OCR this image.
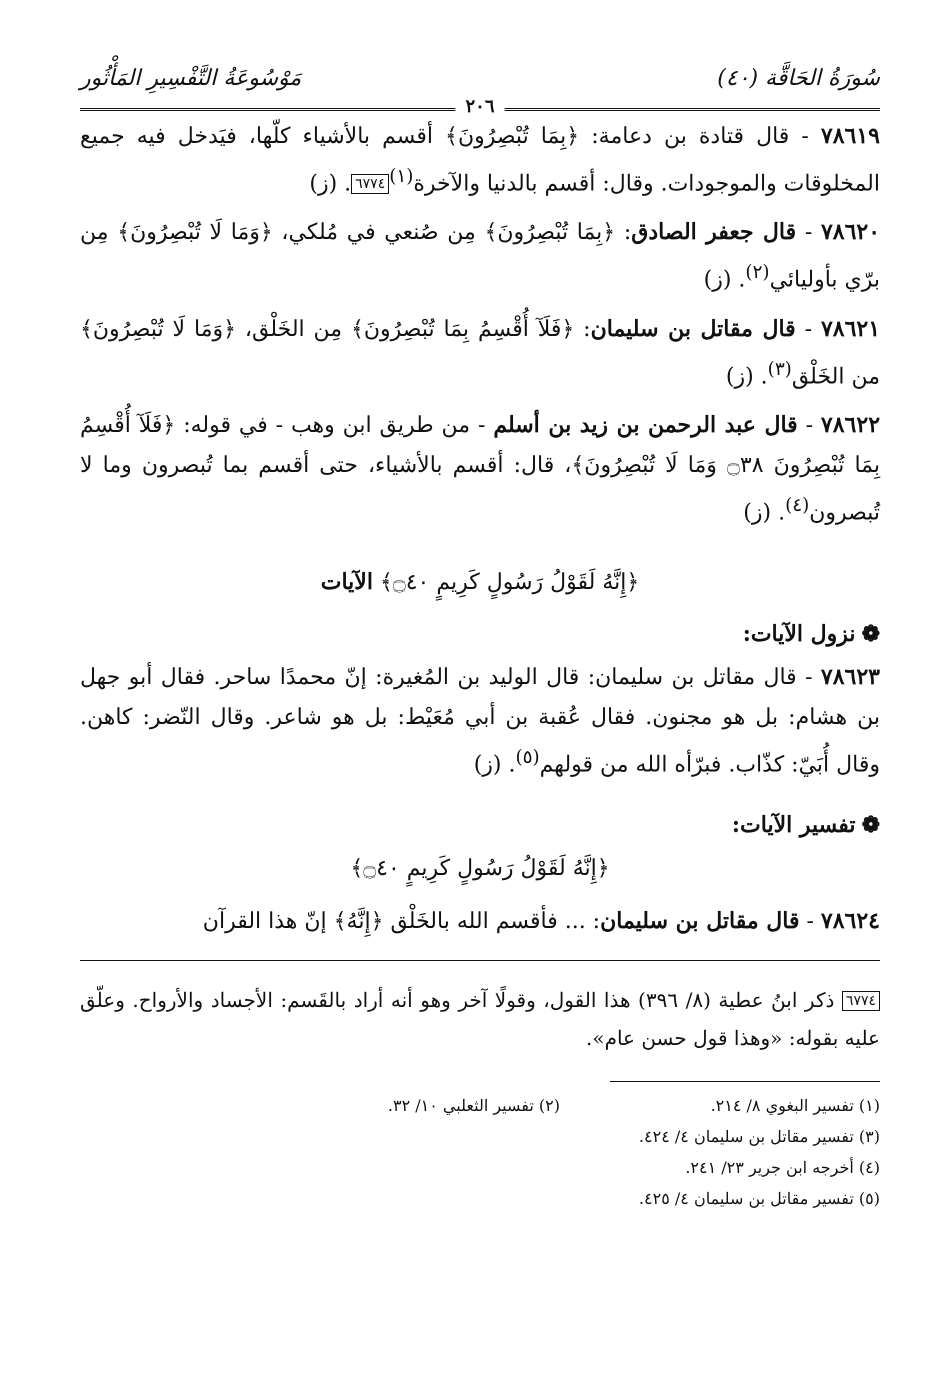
سُورَةُ الحَاقَّة (٤٠)
مَوْسُوعَةُ التَّفْسِيرِ المَأْثُور
٢٠٦

٧٨٦١٩ - قال قتادة بن دعامة: ﴿بِمَا تُبْصِرُونَ﴾ أقسم بالأشياء كلّها، فيَدخل فيه جميع المخلوقات والموجودات. وقال: أقسم بالدنيا والآخرة$^{(١)}$٦٧٧٤. (ز)

٧٨٦٢٠ - قال جعفر الصادق: ﴿بِمَا تُبْصِرُونَ﴾ مِن صُنعي في مُلكي، ﴿وَمَا لَا تُبْصِرُونَ﴾ مِن برّي بأوليائي$^{(٢)}$. (ز)

٧٨٦٢١ - قال مقاتل بن سليمان: ﴿فَلَآ أُقْسِمُ بِمَا تُبْصِرُونَ﴾ مِن الخَلْق، ﴿وَمَا لَا تُبْصِرُونَ﴾ من الخَلْق$^{(٣)}$. (ز)

٧٨٦٢٢ - قال عبد الرحمن بن زيد بن أسلم - من طريق ابن وهب - في قوله: ﴿فَلَآ أُقْسِمُ بِمَا تُبْصِرُونَ ۝٣٨ وَمَا لَا تُبْصِرُونَ﴾، قال: أقسم بالأشياء، حتى أقسم بما تُبصرون وما لا تُبصرون$^{(٤)}$. (ز)

﴿إِنَّهُ لَقَوْلُ رَسُولٍ كَرِيمٍ ۝٤٠﴾ الآيات
❁نزول الآيات:

٧٨٦٢٣ - قال مقاتل بن سليمان: قال الوليد بن المُغيرة: إنّ محمدًا ساحر. فقال أبو جهل بن هشام: بل هو مجنون. فقال عُقبة بن أبي مُعَيْط: بل هو شاعر. وقال النّضر: كاهن. وقال أُبَيّ: كذّاب. فبرّأه الله من قولهم$^{(٥)}$. (ز)

❁تفسير الآيات:
﴿إِنَّهُ لَقَوْلُ رَسُولٍ كَرِيمٍ ۝٤٠﴾

٧٨٦٢٤ - قال مقاتل بن سليمان: ... فأقسم الله بالخَلْق ﴿إِنَّهُ﴾ إنّ هذا القرآن

٦٧٧٤ ذكر ابنُ عطية (٨/ ٣٩٦) هذا القول، وقولًا آخر وهو أنه أراد بالقَسم: الأجساد والأرواح. وعلّق عليه بقوله: «وهذا قول حسن عام».

(١) تفسير البغوي ٨/ ٢١٤.
(٢) تفسير الثعلبي ١٠/ ٣٢.
(٣) تفسير مقاتل بن سليمان ٤/ ٤٢٤.
(٤) أخرجه ابن جرير ٢٣/ ٢٤١.
(٥) تفسير مقاتل بن سليمان ٤/ ٤٢٥.
